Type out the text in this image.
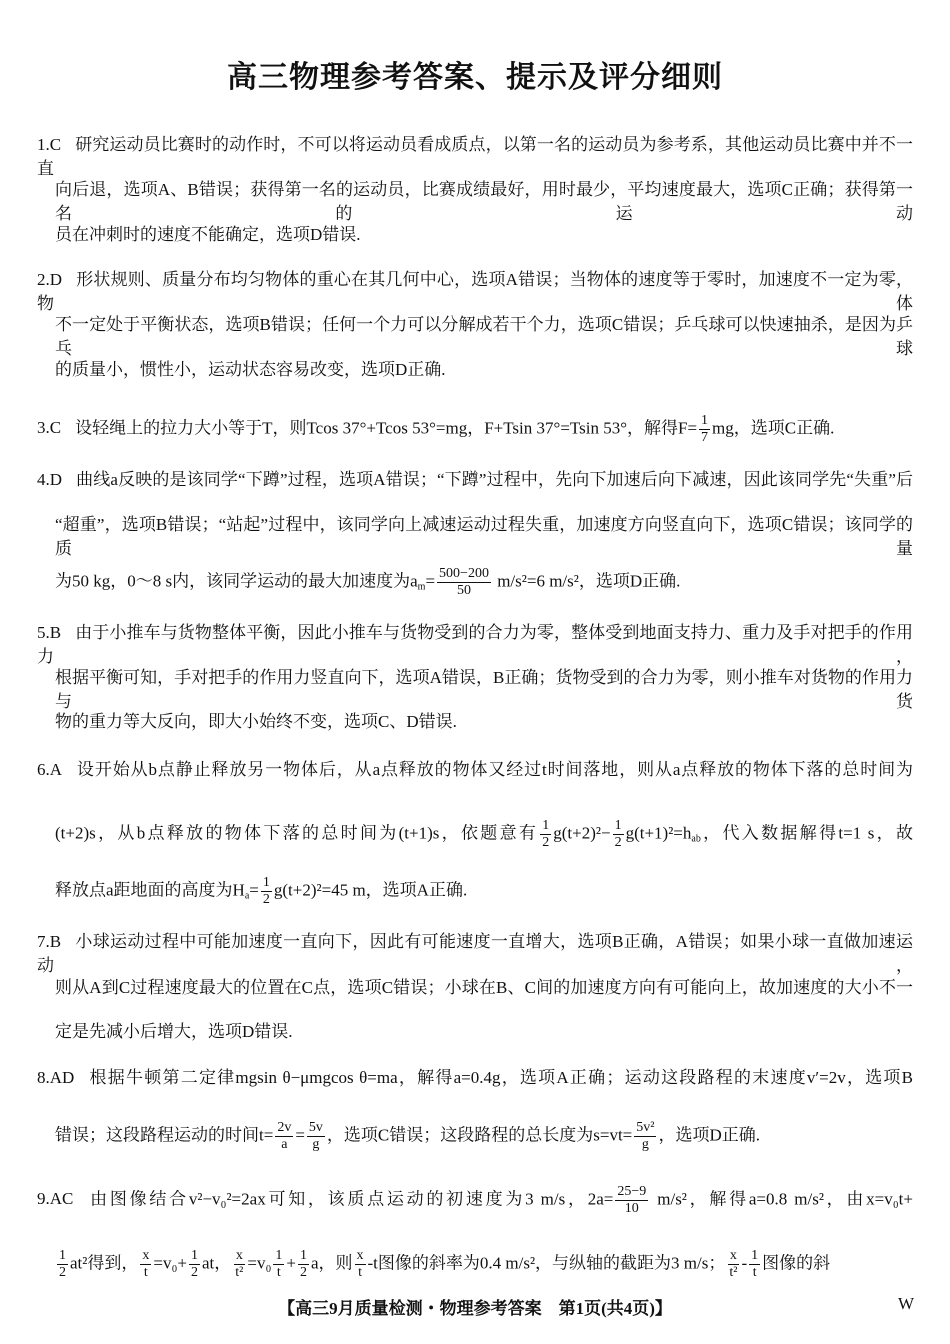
高三物理参考答案、提示及评分细则
1.C 研究运动员比赛时的动作时，不可以将运动员看成质点，以第一名的运动员为参考系，其他运动员比赛中并不一直
向后退，选项A、B错误；获得第一名的运动员，比赛成绩最好，用时最少，平均速度最大，选项C正确；获得第一名的运动
员在冲刺时的速度不能确定，选项D错误.
2.D 形状规则、质量分布均匀物体的重心在其几何中心，选项A错误；当物体的速度等于零时，加速度不一定为零，物体
不一定处于平衡状态，选项B错误；任何一个力可以分解成若干个力，选项C错误；乒乓球可以快速抽杀，是因为乒乓球
的质量小，惯性小，运动状态容易改变，选项D正确.
3.C 设轻绳上的拉力大小等于T，则Tcos 37°+Tcos 53°=mg，F+Tsin 37°=Tsin 53°，解得$F= \frac{1}{7}$ mg，选项C正确.
4.D 曲线a反映的是该同学“下蹲”过程，选项A错误；“下蹲”过程中，先向下加速后向下减速，因此该同学先“失重”后
“超重”，选项B错误；“站起”过程中，该同学向上减速运动过程失重，加速度方向竖直向下，选项C错误；该同学的质量
为50 kg，0～8 s内，该同学运动的最大加速度为$a_m= \frac{500-200}{50} m/s^2=6$ m/s²，选项D正确.
5.B 由于小推车与货物整体平衡，因此小推车与货物受到的合力为零，整体受到地面支持力、重力及手对把手的作用力，
根据平衡可知，手对把手的作用力竖直向下，选项A错误，B正确；货物受到的合力为零，则小推车对货物的作用力与货
物的重力等大反向，即大小始终不变，选项C、D错误.
6.A 设开始从b点静止释放另一物体后，从a点释放的物体又经过t时间落地，则从a点释放的物体下落的总时间为
(t+2)s，从b点释放的物体下落的总时间为(t+1)s，依题意有 $\frac{1}{2} g(t+2)^2- \frac{1}{2} g(t+1)^2=h_{ab}$，代入数据解得t=1 s，故
释放点a距地面的高度为$H_a= \frac{1}{2} g(t+2)^2=45$ m，选项A正确.
7.B 小球运动过程中可能加速度一直向下，因此有可能速度一直增大，选项B正确，A错误；如果小球一直做加速运动，
则从A到C过程速度最大的位置在C点，选项C错误；小球在B、C间的加速度方向有可能向上，故加速度的大小不一
定是先减小后增大，选项D错误.
8.AD 根据牛顿第二定律mgsin θ−μmgcos θ=ma，解得a=0.4g，选项A正确；运动这段路程的末速度v′=2v，选项B
错误；这段路程运动的时间$t= \frac{2v}{a} = \frac{5v}{g}$ ，选项C错误；这段路程的总长度为$s=vt= \frac{\text{5v²}}{g}$ ，选项D正确.
9.AC 由图像结合v²−v₀²=2ax可知，该质点运动的初速度为3 m/s，$2a= \frac{25-9}{10} m/s^2$，解得a=0.8 m/s²，由x=v₀t+
$\frac{1}{2} at^2$得到， $\frac{x}{t} =v_0+ \frac{1}{2}$ at， $\frac{x}{\text{t²}} =v_0 \frac{1}{t} + \frac{1}{2}$ a，则 $\frac{x}{t} -t$图像的斜率为0.4 m/s²，与纵轴的截距为3 m/s； $\frac{x}{\text{t²}} - \frac{1}{t}$ 图像的斜
【高三9月质量检测・物理参考答案　第1页(共4页)】	W
